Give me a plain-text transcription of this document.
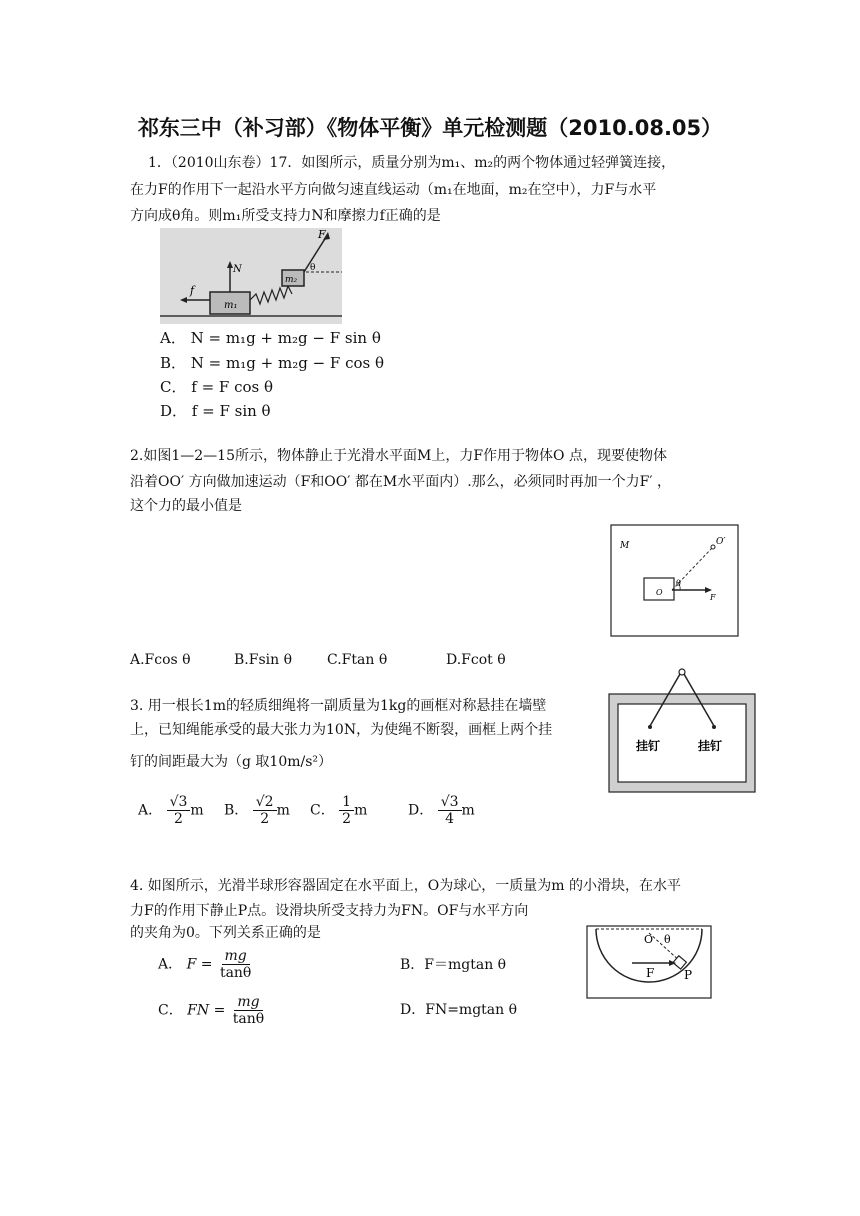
祁东三中（补习部）《物体平衡》单元检测题（2010.08.05）
1．（2010山东卷）17．如图所示，质量分别为m₁、m₂的两个物体通过轻弹簧连接，
在力F的作用下一起沿水平方向做匀速直线运动（m₁在地面，m₂在空中），力F与水平
方向成θ角。则m₁所受支持力N和摩擦力f正确的是
m₁
m₂
F
θ
N
f
A． N = m₁g + m₂g − F sin θ
B． N = m₁g + m₂g − F cos θ
C． f = F cos θ
D． f = F sin θ
2.如图1—2—15所示，物体静止于光滑水平面M上，力F作用于物体O 点，现要使物体
沿着OO′ 方向做加速运动（F和OO′ 都在M水平面内）.那么，必须同时再加一个力F′ ，
这个力的最小值是
M
O
O′
F
θ
A.Fcos θ	B.Fsin θ C.Ftan θ	D.Fcot θ
3. 用一根长1m的轻质细绳将一副质量为1kg的画框对称悬挂在墙壁
上，已知绳能承受的最大张力为10N，为使绳不断裂，画框上两个挂
钉的间距最大为（g 取10m/s²）
挂钉	挂钉
A． $\frac{√3}{2}$ m B． $\frac{√2}{2}$ m C． $\frac{1}{2}$ m	D． $\frac{√3}{4}$ m
4. 如图所示，光滑半球形容器固定在水平面上，O为球心，一质量为m 的小滑块，在水平
力F的作用下静止P点。设滑块所受支持力为FN。OF与水平方向
的夹角为0。下列关系正确的是	O θ
F P
A． $F = \frac{mg}{\tan\theta}$	B．F＝mgtan θ
C． FN = $\frac{mg}{\tan\theta}$	D．FN=mgtan θ
